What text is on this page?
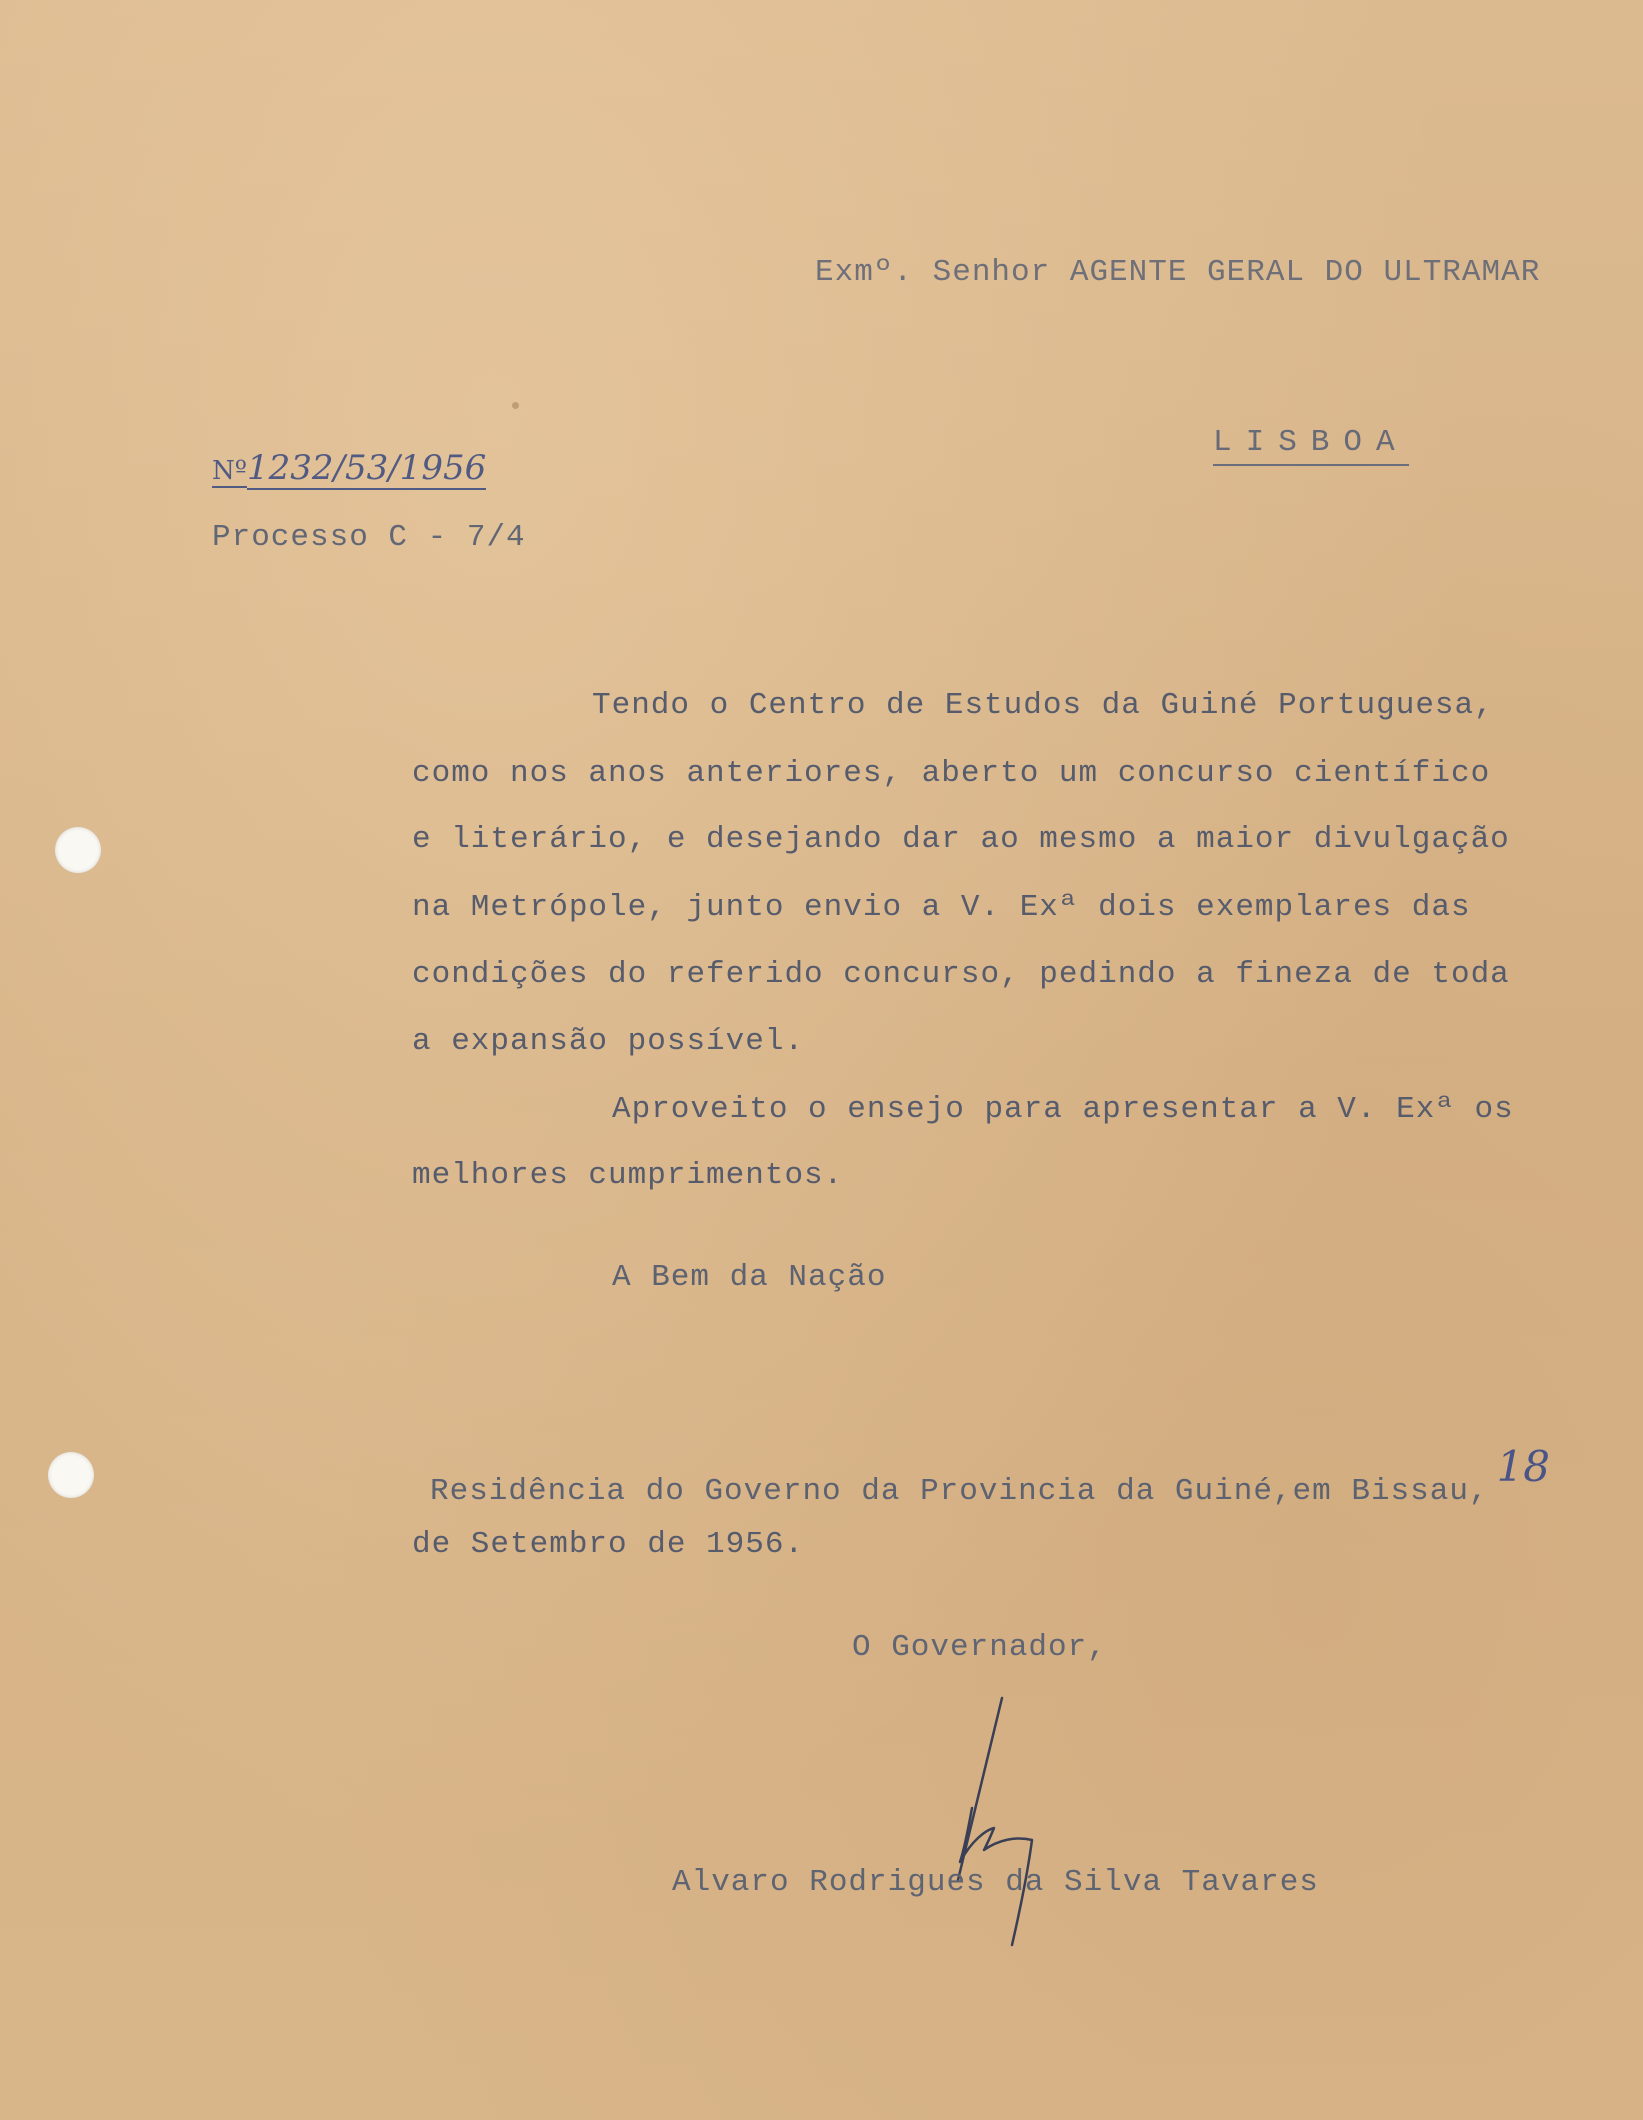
Exmº. Senhor AGENTE GERAL DO ULTRAMAR
LISBOA
Nº1232/53/1956
Processo C - 7/4
Tendo o Centro de Estudos da Guiné Portuguesa,
como nos anos anteriores, aberto um concurso científico
e literário, e desejando dar ao mesmo a maior divulgação
na Metrópole, junto envio a V. Exª dois exemplares das
condições do referido concurso, pedindo a fineza de toda
a expansão possível.
Aproveito o ensejo para apresentar a V. Exª os
melhores cumprimentos.
A Bem da Nação
Residência do Governo da Provincia da Guiné,em Bissau,18
de Setembro de 1956.
O Governador,
Alvaro Rodrigues da Silva Tavares
